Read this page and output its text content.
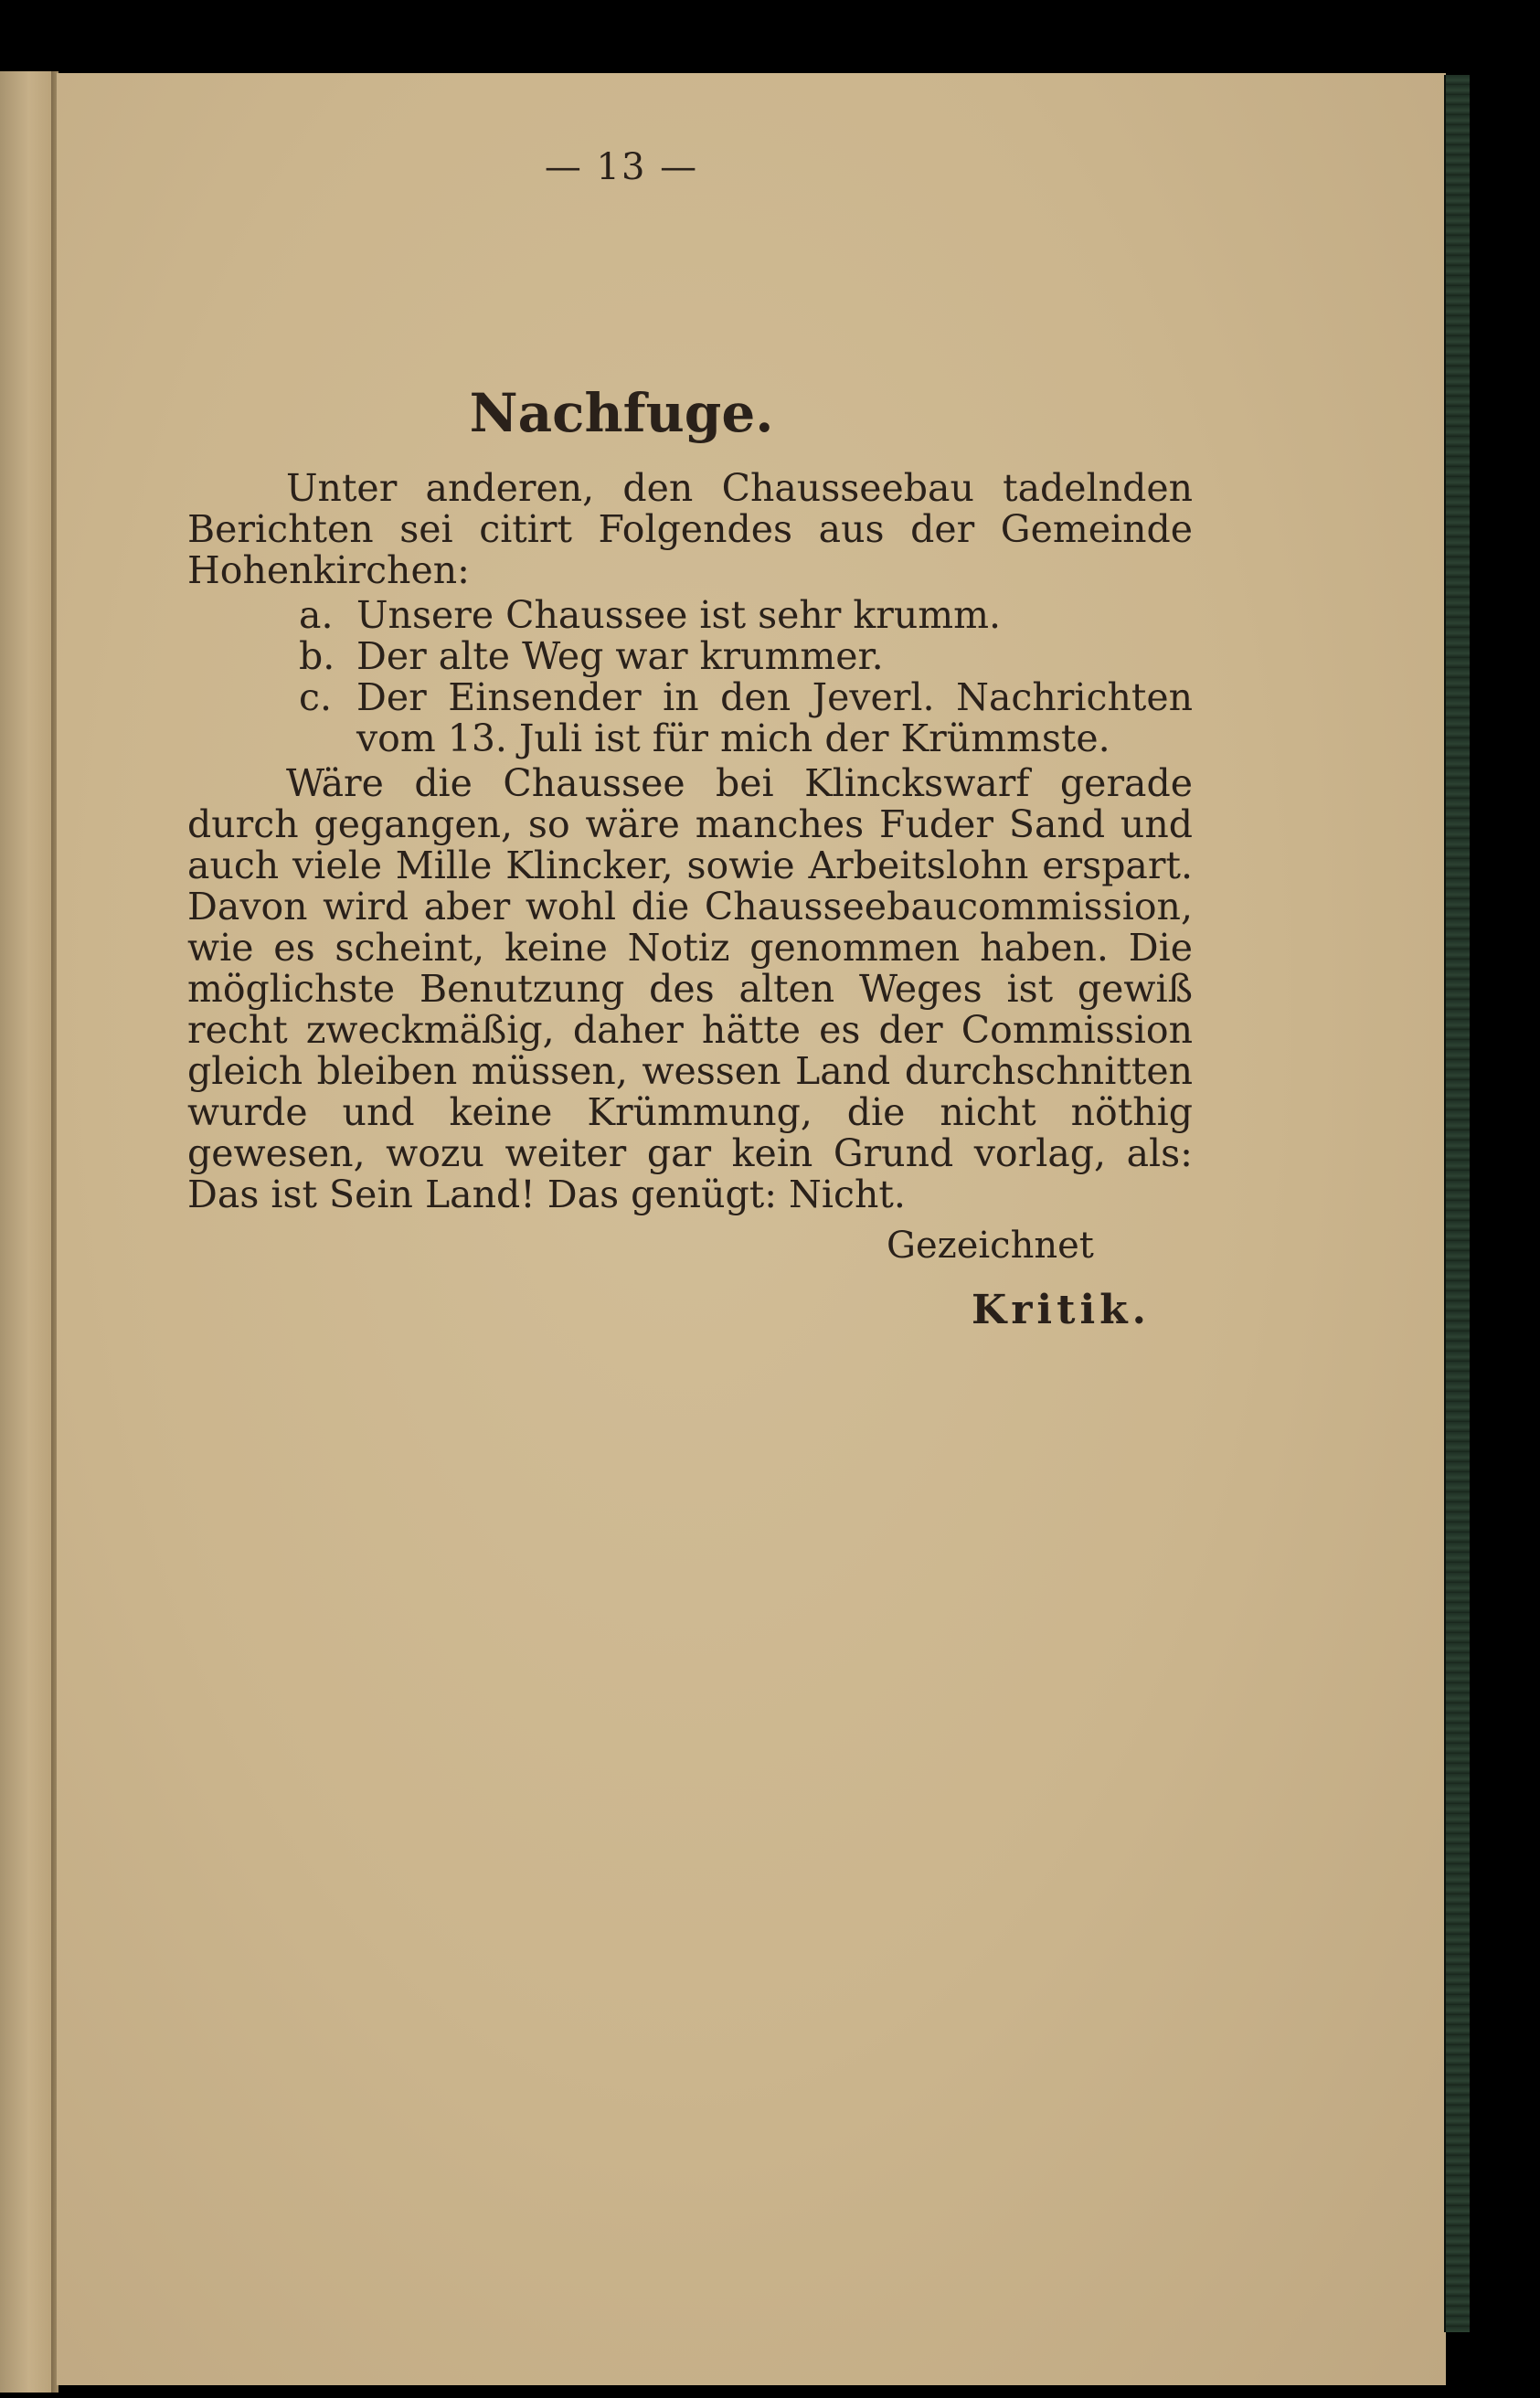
— 13 —
Nachfuge.

Unter anderen, den Chausseebau tadelnden Berichten sei citirt Folgendes aus der Gemeinde Hohenkirchen:

a. Unsere Chaussee ist sehr krumm.
b. Der alte Weg war krummer.
c. Der Einsender in den Jeverl. Nachrichten vom 13. Juli ist für mich der Krümmste.

Wäre die Chaussee bei Klinckswarf gerade durch gegangen, so wäre manches Fuder Sand und auch viele Mille Klincker, sowie Arbeitslohn erspart. Davon wird aber wohl die Chausseebaucommission, wie es scheint, keine Notiz genommen haben. Die möglichste Benutzung des alten Weges ist gewiß recht zweckmäßig, daher hätte es der Commission gleich bleiben müssen, wessen Land durchschnitten wurde und keine Krümmung, die nicht nöthig gewesen, wozu weiter gar kein Grund vorlag, als: Das ist Sein Land! Das genügt: Nicht.

Gezeichnet
Kritik.
